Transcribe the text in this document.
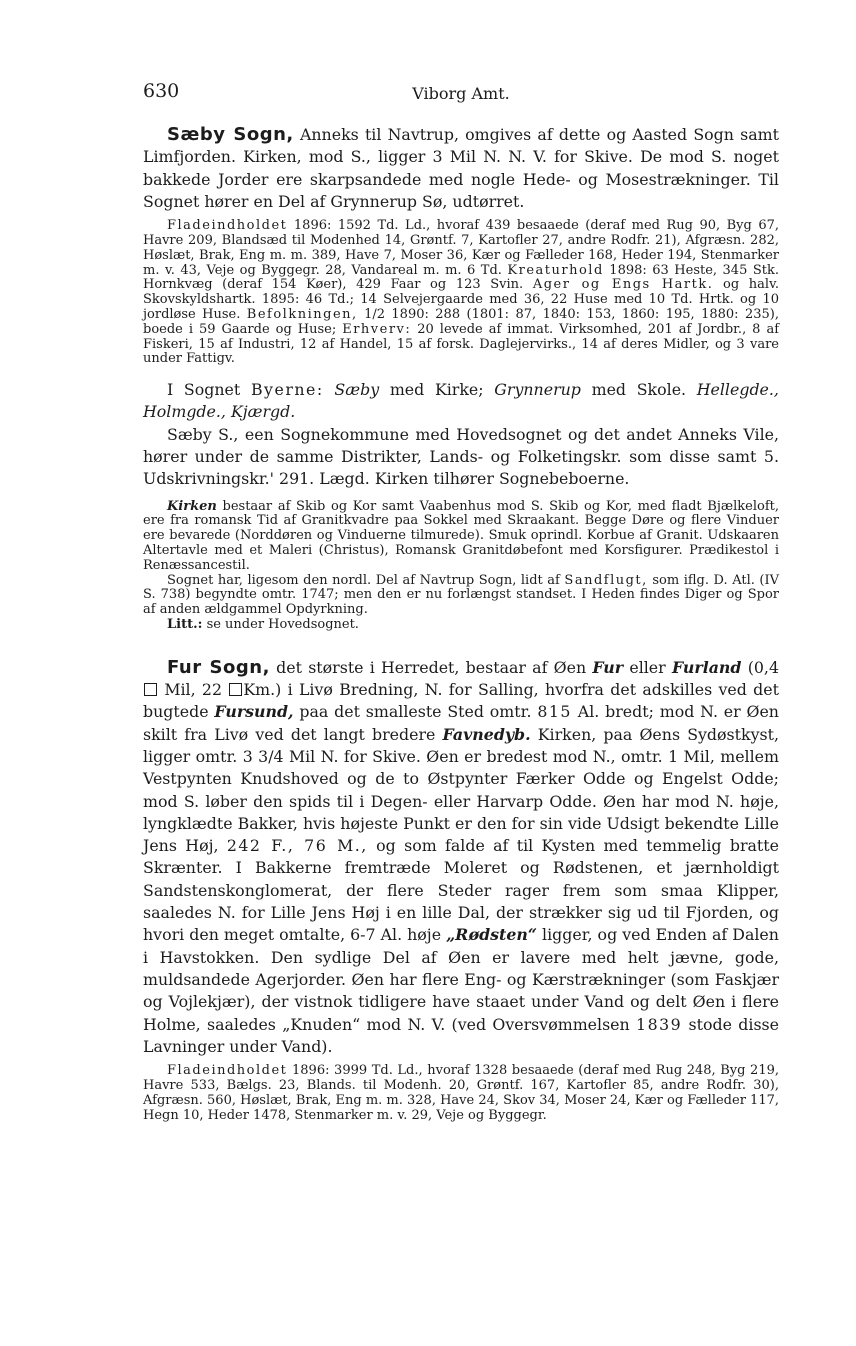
630	Viborg Amt.

Sæby Sogn, Anneks til Navtrup, omgives af dette og Aasted Sogn samt Limfjorden. Kirken, mod S., ligger 3 Mil N. N. V. for Skive. De mod S. noget bakkede Jorder ere skarpsandede med nogle Hede- og Mosestrækninger. Til Sognet hører en Del af Grynnerup Sø, udtørret.

Fladeindholdet 1896: 1592 Td. Ld., hvoraf 439 besaaede (deraf med Rug 90, Byg 67, Havre 209, Blandsæd til Modenhed 14, Grøntf. 7, Kartofler 27, andre Rodfr. 21), Afgræsn. 282, Høslæt, Brak, Eng m. m. 389, Have 7, Moser 36, Kær og Fælleder 168, Heder 194, Stenmarker m. v. 43, Veje og Byggegr. 28, Vandareal m. m. 6 Td. Kreaturhold 1898: 63 Heste, 345 Stk. Hornkvæg (deraf 154 Køer), 429 Faar og 123 Svin. Ager og Engs Hartk. og halv. Skovskyldshartk. 1895: 46 Td.; 14 Selvejergaarde med 36, 22 Huse med 10 Td. Hrtk. og 10 jordløse Huse. Befolkningen, 1/2 1890: 288 (1801: 87, 1840: 153, 1860: 195, 1880: 235), boede i 59 Gaarde og Huse; Erhverv: 20 levede af immat. Virksomhed, 201 af Jordbr., 8 af Fiskeri, 15 af Industri, 12 af Handel, 15 af forsk. Daglejervirks., 14 af deres Midler, og 3 vare under Fattigv.

I Sognet Byerne: Sæby med Kirke; Grynnerup med Skole. Hellegde., Holmgde., Kjærgd.

Sæby S., een Sognekommune med Hovedsognet og det andet Anneks Vile, hører under de samme Distrikter, Lands- og Folketingskr. som disse samt 5. Udskrivningskr.' 291. Lægd. Kirken tilhører Sognebeboerne.

Kirken bestaar af Skib og Kor samt Vaabenhus mod S. Skib og Kor, med fladt Bjælkeloft, ere fra romansk Tid af Granitkvadre paa Sokkel med Skraakant. Begge Døre og flere Vinduer ere bevarede (Norddøren og Vinduerne tilmurede). Smuk oprindl. Korbue af Granit. Udskaaren Altertavle med et Maleri (Christus), Romansk Granitdøbefont med Korsfigurer. Prædikestol i Renæssancestil.

Sognet har, ligesom den nordl. Del af Navtrup Sogn, lidt af Sandflugt, som iflg. D. Atl. (IV S. 738) begyndte omtr. 1747; men den er nu forlængst standset. I Heden findes Diger og Spor af anden ældgammel Opdyrkning.

Litt.: se under Hovedsognet.

Fur Sogn, det største i Herredet, bestaar af Øen Fur eller Furland (0,4 Mil, 22 Km.) i Livø Bredning, N. for Salling, hvorfra det adskilles ved det bugtede Fursund, paa det smalleste Sted omtr. 815 Al. bredt; mod N. er Øen skilt fra Livø ved det langt bredere Favnedyb. Kirken, paa Øens Sydøstkyst, ligger omtr. 3 3/4 Mil N. for Skive. Øen er bredest mod N., omtr. 1 Mil, mellem Vestpynten Knudshoved og de to Østpynter Færker Odde og Engelst Odde; mod S. løber den spids til i Degen- eller Harvarp Odde. Øen har mod N. høje, lyngklædte Bakker, hvis højeste Punkt er den for sin vide Udsigt bekendte Lille Jens Høj, 242 F., 76 M., og som falde af til Kysten med temmelig bratte Skrænter. I Bakkerne fremtræde Moleret og Rødstenen, et jærnholdigt Sandstenskonglomerat, der flere Steder rager frem som smaa Klipper, saaledes N. for Lille Jens Høj i en lille Dal, der strækker sig ud til Fjorden, og hvori den meget omtalte, 6-7 Al. høje „Rødsten“ ligger, og ved Enden af Dalen i Havstokken. Den sydlige Del af Øen er lavere med helt jævne, gode, muldsandede Agerjorder. Øen har flere Eng- og Kærstrækninger (som Faskjær og Vojlekjær), der vistnok tidligere have staaet under Vand og delt Øen i flere Holme, saaledes „Knuden“ mod N. V. (ved Oversvømmelsen 1839 stode disse Lavninger under Vand).

Fladeindholdet 1896: 3999 Td. Ld., hvoraf 1328 besaaede (deraf med Rug 248, Byg 219, Havre 533, Bælgs. 23, Blands. til Modenh. 20, Grøntf. 167, Kartofler 85, andre Rodfr. 30), Afgræsn. 560, Høslæt, Brak, Eng m. m. 328, Have 24, Skov 34, Moser 24, Kær og Fælleder 117, Hegn 10, Heder 1478, Stenmarker m. v. 29, Veje og Byggegr.
